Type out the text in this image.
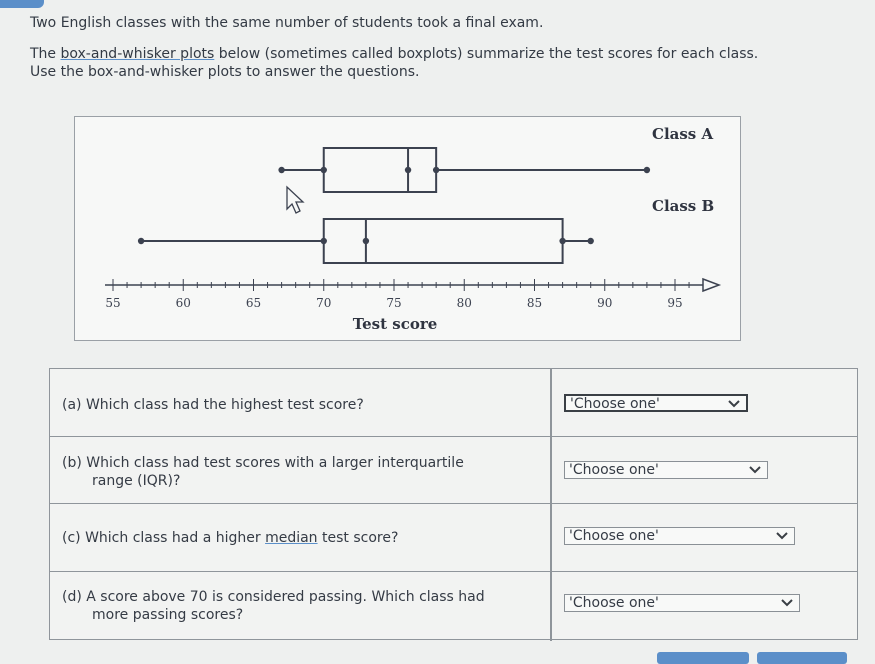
Two English classes with the same number of students took a final exam.

The box-and-whisker plots below (sometimes called boxplots) summarize the test scores for each class.

Use the box-and-whisker plots to answer the questions.

Class A
Class B
55	60	65	70	75	80	85	90	95
Test score
(a) Which class had the highest test score?	'Choose one'
(b) Which class had test scores with a larger interquartile
range (IQR)?
'Choose one'
(c) Which class had a higher median test score?	'Choose one'
(d) A score above 70 is considered passing. Which class had
more passing scores?
'Choose one'
